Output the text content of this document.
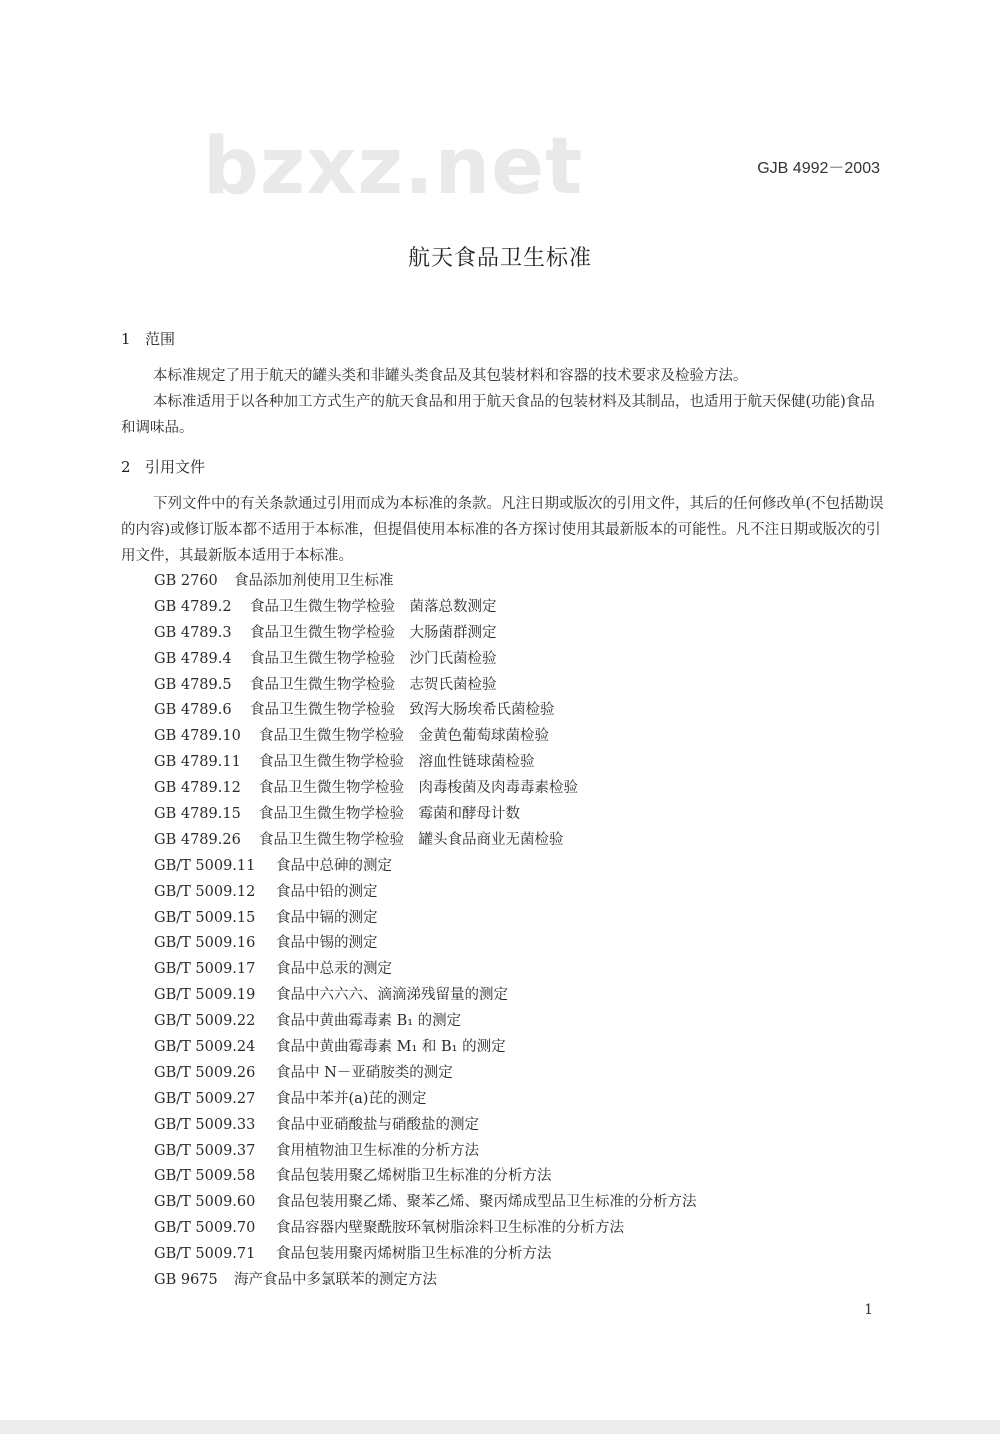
bzxz.net	GJB 4992－2003
航天食品卫生标准
1 范围

本标准规定了用于航天的罐头类和非罐头类食品及其包装材料和容器的技术要求及检验方法。

本标准适用于以各种加工方式生产的航天食品和用于航天食品的包装材料及其制品，也适用于航天保健(功能)食品和调味品。

2 引用文件

下列文件中的有关条款通过引用而成为本标准的条款。凡注日期或版次的引用文件，其后的任何修改单(不包括勘误的内容)或修订版本都不适用于本标准，但提倡使用本标准的各方探讨使用其最新版本的可能性。凡不注日期或版次的引用文件，其最新版本适用于本标准。

GB 2760 食品添加剂使用卫生标准
GB 4789.2 食品卫生微生物学检验　菌落总数测定
GB 4789.3 食品卫生微生物学检验　大肠菌群测定
GB 4789.4 食品卫生微生物学检验　沙门氏菌检验
GB 4789.5 食品卫生微生物学检验　志贺氏菌检验
GB 4789.6 食品卫生微生物学检验　致泻大肠埃希氏菌检验
GB 4789.10 食品卫生微生物学检验　金黄色葡萄球菌检验
GB 4789.11 食品卫生微生物学检验　溶血性链球菌检验
GB 4789.12 食品卫生微生物学检验　肉毒梭菌及肉毒毒素检验
GB 4789.15 食品卫生微生物学检验　霉菌和酵母计数
GB 4789.26 食品卫生微生物学检验　罐头食品商业无菌检验
GB/T 5009.11 食品中总砷的测定
GB/T 5009.12 食品中铅的测定
GB/T 5009.15 食品中镉的测定
GB/T 5009.16 食品中锡的测定
GB/T 5009.17 食品中总汞的测定
GB/T 5009.19 食品中六六六、滴滴涕残留量的测定
GB/T 5009.22 食品中黄曲霉毒素 B₁ 的测定
GB/T 5009.24 食品中黄曲霉毒素 M₁ 和 B₁ 的测定
GB/T 5009.26 食品中 N－亚硝胺类的测定
GB/T 5009.27 食品中苯并(a)芘的测定
GB/T 5009.33 食品中亚硝酸盐与硝酸盐的测定
GB/T 5009.37 食用植物油卫生标准的分析方法
GB/T 5009.58 食品包装用聚乙烯树脂卫生标准的分析方法
GB/T 5009.60 食品包装用聚乙烯、聚苯乙烯、聚丙烯成型品卫生标准的分析方法
GB/T 5009.70 食品容器内壁聚酰胺环氧树脂涂料卫生标准的分析方法
GB/T 5009.71 食品包装用聚丙烯树脂卫生标准的分析方法
GB 9675 海产食品中多氯联苯的测定方法
1
